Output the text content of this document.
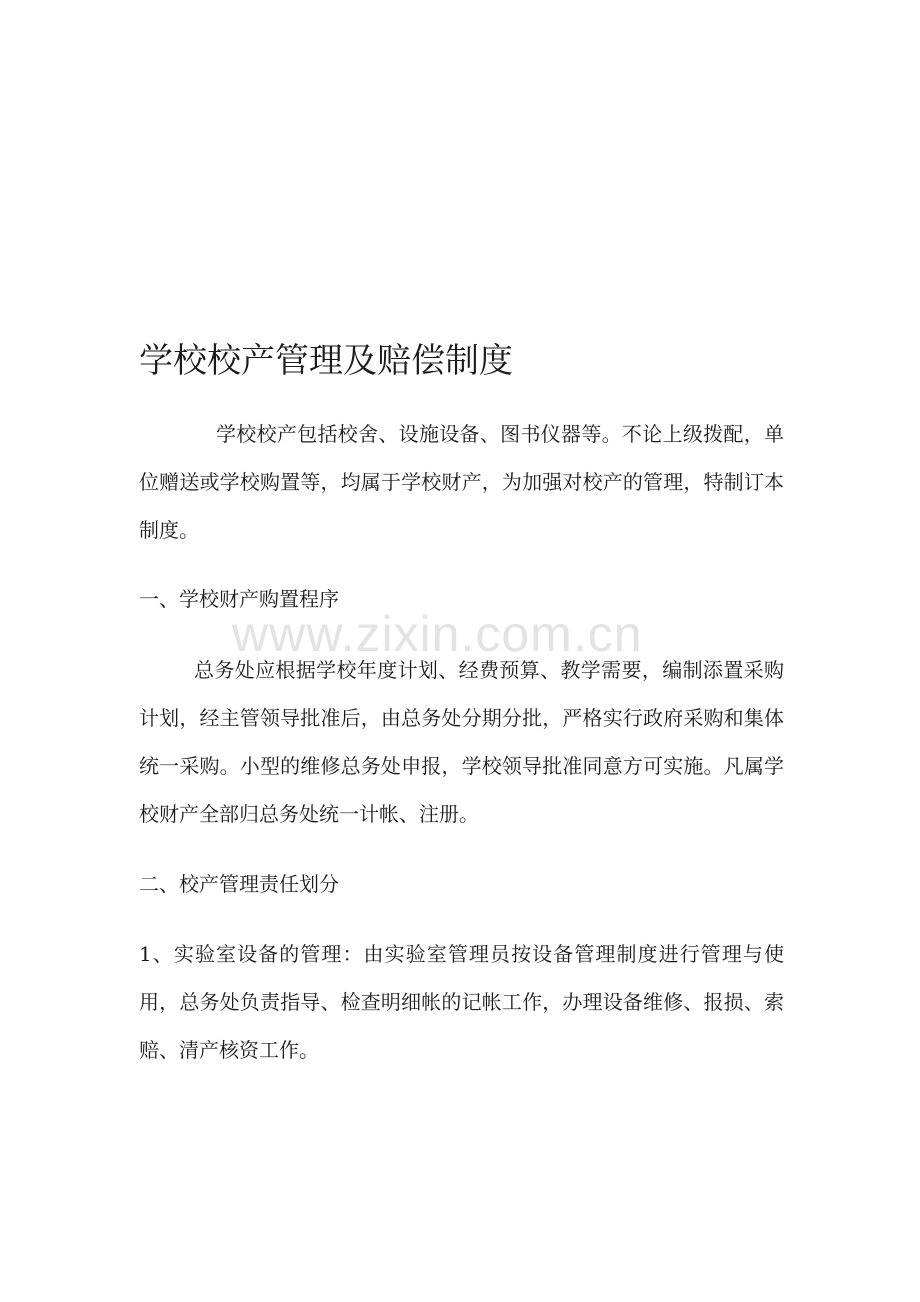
学校校产管理及赔偿制度

学校校产包括校舍、设施设备、图书仪器等。不论上级拨配，单位赠送或学校购置等，均属于学校财产，为加强对校产的管理，特制订本制度。

一、学校财产购置程序

www.zixin.com.cn

总务处应根据学校年度计划、经费预算、教学需要，编制添置采购计划，经主管领导批准后，由总务处分期分批，严格实行政府采购和集体统一采购。小型的维修总务处申报，学校领导批准同意方可实施。凡属学校财产全部归总务处统一计帐、注册。

二、校产管理责任划分

1、实验室设备的管理：由实验室管理员按设备管理制度进行管理与使用，总务处负责指导、检查明细帐的记帐工作，办理设备维修、报损、索赔、清产核资工作。
